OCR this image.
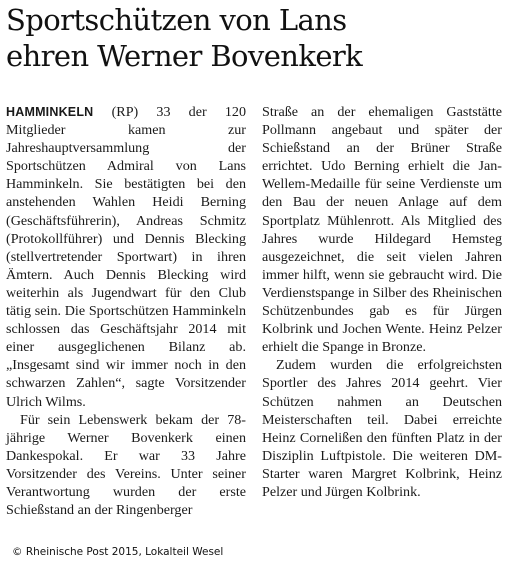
Sportschützen von Lans
ehren Werner Bovenkerk

HAMMINKELN (RP) 33 der 120 Mitglieder kamen zur Jahreshauptversammlung der Sportschützen Admiral von Lans Hamminkeln. Sie bestätigten bei den anstehenden Wahlen Heidi Berning (Geschäftsführerin), Andreas Schmitz (Protokollführer) und Dennis Blecking (stellvertretender Sportwart) in ihren Ämtern. Auch Dennis Blecking wird weiterhin als Jugendwart für den Club tätig sein. Die Sportschützen Hamminkeln schlossen das Geschäftsjahr 2014 mit einer ausgeglichenen Bilanz ab. „Insgesamt sind wir immer noch in den schwarzen Zahlen“, sagte Vorsitzender Ulrich Wilms.

Für sein Lebenswerk bekam der 78-jährige Werner Bovenkerk einen Dankespokal. Er war 33 Jahre Vorsitzender des Vereins. Unter seiner Verantwortung wurden der erste Schießstand an der Ringenberger

Straße an der ehemaligen Gaststätte Pollmann angebaut und später der Schießstand an der Brüner Straße errichtet. Udo Berning erhielt die Jan-Wellem-Medaille für seine Verdienste um den Bau der neuen Anlage auf dem Sportplatz Mühlenrott. Als Mitglied des Jahres wurde Hildegard Hemsteg ausgezeichnet, die seit vielen Jahren immer hilft, wenn sie gebraucht wird. Die Verdienstspange in Silber des Rheinischen Schützenbundes gab es für Jürgen Kolbrink und Jochen Wente. Heinz Pelzer erhielt die Spange in Bronze.

Zudem wurden die erfolgreichsten Sportler des Jahres 2014 geehrt. Vier Schützen nahmen an Deutschen Meisterschaften teil. Dabei erreichte Heinz Cornelißen den fünften Platz in der Disziplin Luftpistole. Die weiteren DM-Starter waren Margret Kolbrink, Heinz Pelzer und Jürgen Kolbrink.

© Rheinische Post 2015, Lokalteil Wesel
